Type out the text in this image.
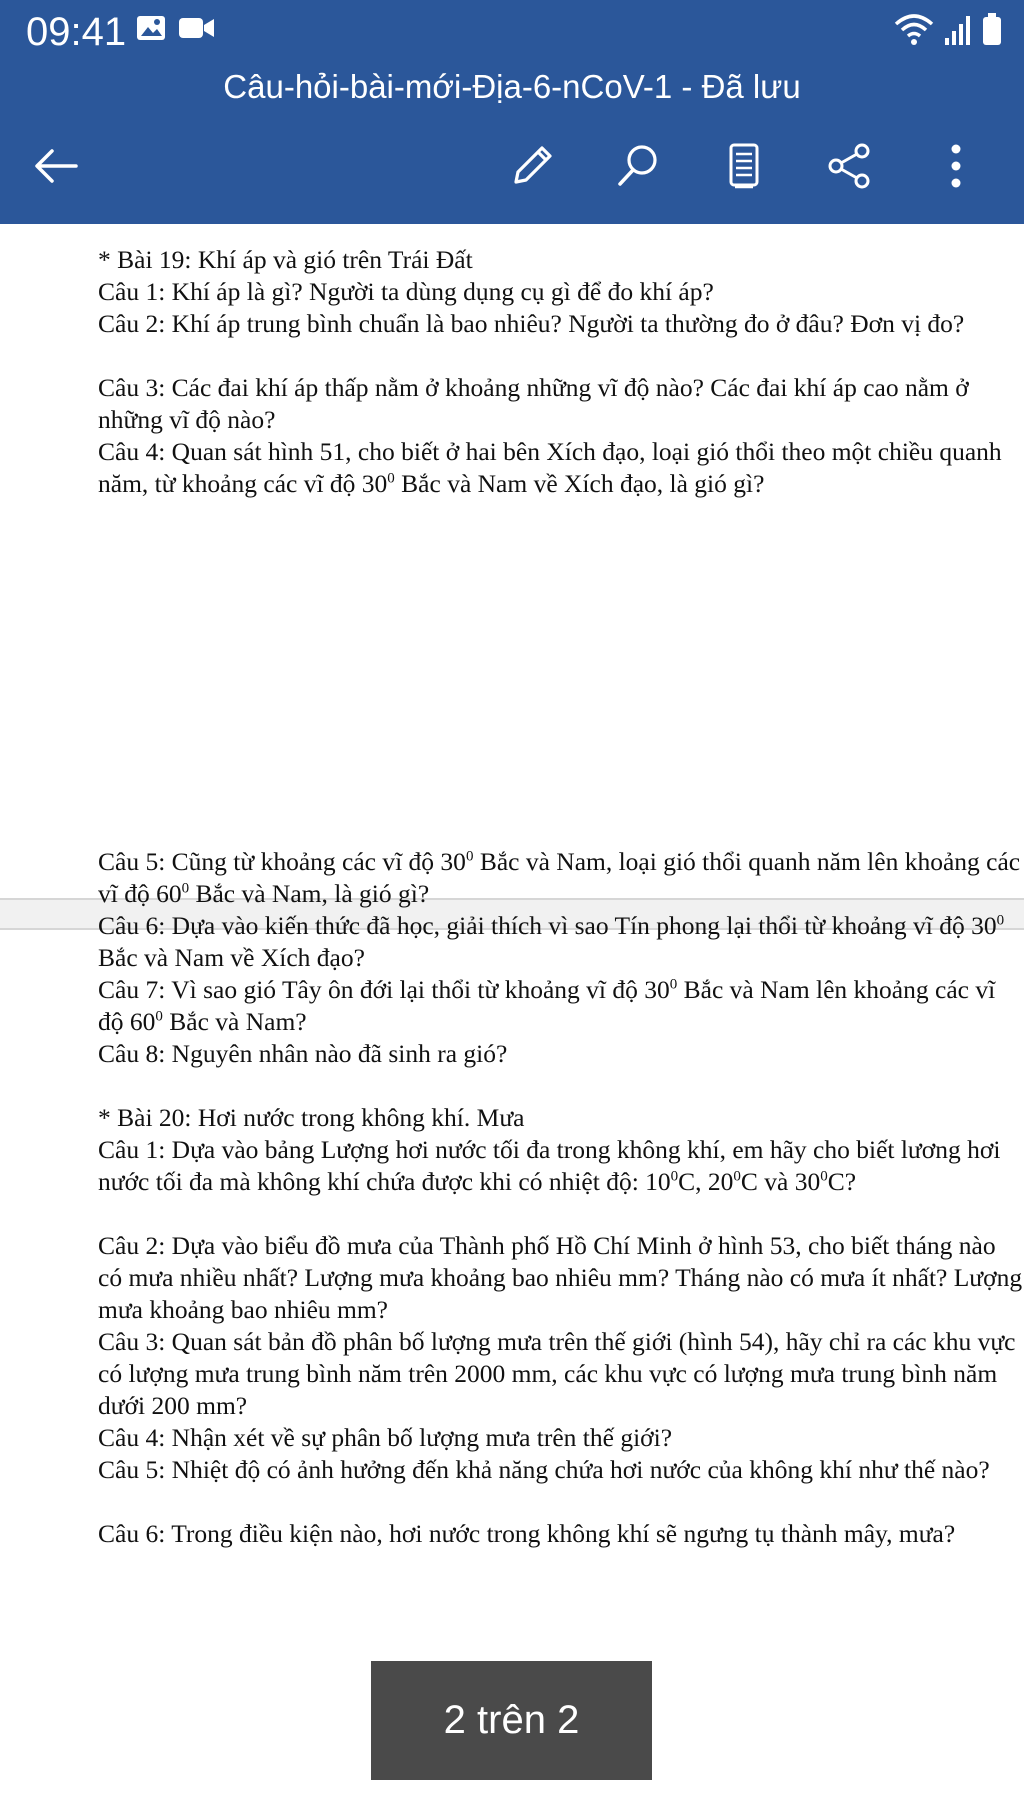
09:41
Câu-hỏi-bài-mới-Địa-6-nCoV-1 - Đã lưu
* Bài 19: Khí áp và gió trên Trái Đất
Câu 1: Khí áp là gì? Người ta dùng dụng cụ gì để đo khí áp?
Câu 2: Khí áp trung bình chuẩn là bao nhiêu? Người ta thường đo ở đâu? Đơn vị đo?
Câu 3: Các đai khí áp thấp nằm ở khoảng những vĩ độ nào? Các đai khí áp cao nằm ở những vĩ độ nào?
Câu 4: Quan sát hình 51, cho biết ở hai bên Xích đạo, loại gió thổi theo một chiều quanh năm, từ khoảng các vĩ độ $30^0$ Bắc và Nam về Xích đạo, là gió gì?
Câu 5: Cũng từ khoảng các vĩ độ $30^0$ Bắc và Nam, loại gió thổi quanh năm lên khoảng các vĩ độ $60^0$ Bắc và Nam, là gió gì?
Câu 6: Dựa vào kiến thức đã học, giải thích vì sao Tín phong lại thổi từ khoảng vĩ độ $30^0$ Bắc và Nam về Xích đạo?
Câu 7: Vì sao gió Tây ôn đới lại thổi từ khoảng vĩ độ $30^0$ Bắc và Nam lên khoảng các vĩ độ $60^0$ Bắc và Nam?
Câu 8: Nguyên nhân nào đã sinh ra gió?
* Bài 20: Hơi nước trong không khí. Mưa
Câu 1: Dựa vào bảng Lượng hơi nước tối đa trong không khí, em hãy cho biết lương hơi nước tối đa mà không khí chứa được khi có nhiệt độ: $10^0C$, $20^0C$ và $30^0C$?
Câu 2: Dựa vào biểu đồ mưa của Thành phố Hồ Chí Minh ở hình 53, cho biết tháng nào có mưa nhiều nhất? Lượng mưa khoảng bao nhiêu mm? Tháng nào có mưa ít nhất? Lượng mưa khoảng bao nhiêu mm?
Câu 3: Quan sát bản đồ phân bố lượng mưa trên thế giới (hình 54), hãy chỉ ra các khu vực có lượng mưa trung bình năm trên 2000 mm, các khu vực có lượng mưa trung bình năm dưới 200 mm?
Câu 4: Nhận xét về sự phân bố lượng mưa trên thế giới?
Câu 5: Nhiệt độ có ảnh hưởng đến khả năng chứa hơi nước của không khí như thế nào?
Câu 6: Trong điều kiện nào, hơi nước trong không khí sẽ ngưng tụ thành mây, mưa?
2 trên 2
